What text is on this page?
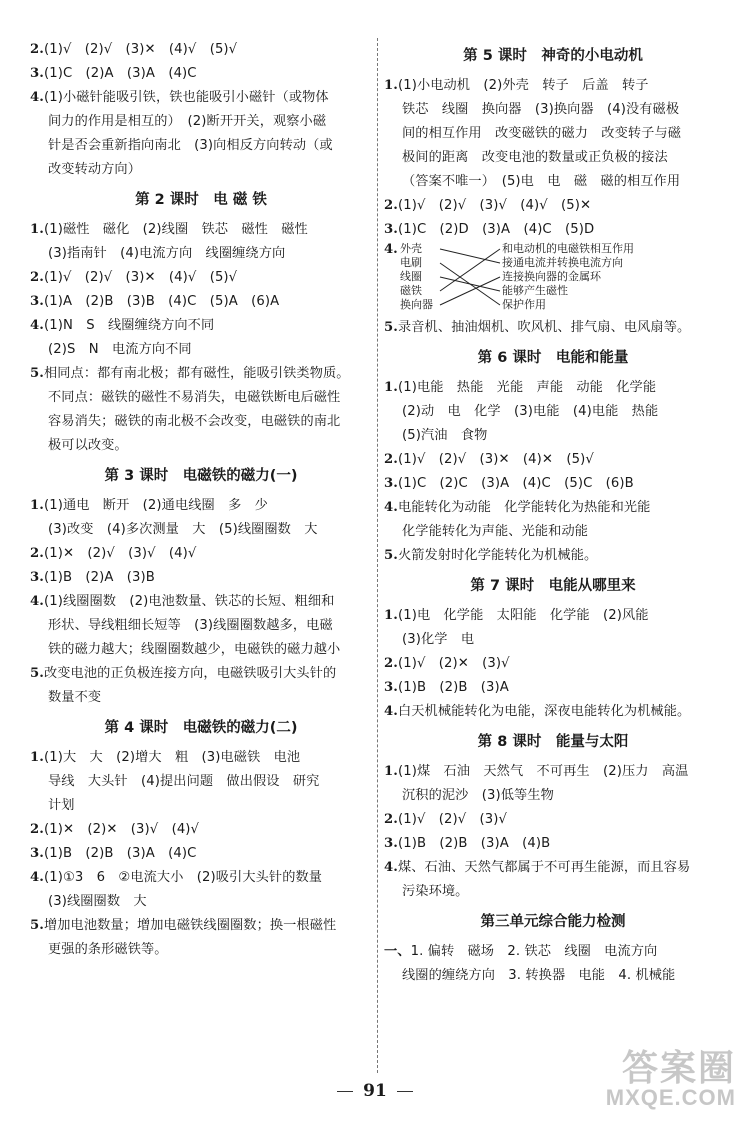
2.(1)√　(2)√　(3)✕　(4)√　(5)√
3.(1)C　(2)A　(3)A　(4)C
4.(1)小磁针能吸引铁，铁也能吸引小磁针（或物体
间力的作用是相互的）　(2)断开开关，观察小磁
针是否会重新指向南北　(3)向相反方向转动（或
改变转动方向）
第 2 课时　电 磁 铁
1.(1)磁性　磁化　(2)线圈　铁芯　磁性　磁性
(3)指南针　(4)电流方向　线圈缠绕方向
2.(1)√　(2)√　(3)✕　(4)√　(5)√
3.(1)A　(2)B　(3)B　(4)C　(5)A　(6)A
4.(1)N　S　线圈缠绕方向不同
(2)S　N　电流方向不同
5.相同点：都有南北极；都有磁性，能吸引铁类物质。
不同点：磁铁的磁性不易消失，电磁铁断电后磁性
容易消失；磁铁的南北极不会改变，电磁铁的南北
极可以改变。
第 3 课时　电磁铁的磁力(一)
1.(1)通电　断开　(2)通电线圈　多　少
(3)改变　(4)多次测量　大　(5)线圈圈数　大
2.(1)✕　(2)√　(3)√　(4)√
3.(1)B　(2)A　(3)B
4.(1)线圈圈数　(2)电池数量、铁芯的长短、粗细和
形状、导线粗细长短等　(3)线圈圈数越多，电磁
铁的磁力越大；线圈圈数越少，电磁铁的磁力越小
5.改变电池的正负极连接方向，电磁铁吸引大头针的
数量不变
第 4 课时　电磁铁的磁力(二)
1.(1)大　大　(2)增大　粗　(3)电磁铁　电池
导线　大头针　(4)提出问题　做出假设　研究
计划
2.(1)✕　(2)✕　(3)√　(4)√
3.(1)B　(2)B　(3)A　(4)C
4.(1)①3　6　②电流大小　(2)吸引大头针的数量
(3)线圈圈数　大
5.增加电池数量；增加电磁铁线圈圈数；换一根磁性
更强的条形磁铁等。
第 5 课时　神奇的小电动机
1.(1)小电动机　(2)外壳　转子　后盖　转子
铁芯　线圈　换向器　(3)换向器　(4)没有磁极
间的相互作用　改变磁铁的磁力　改变转子与磁
极间的距离　改变电池的数量或正负极的接法
（答案不唯一）　(5)电　电　磁　磁的相互作用
2.(1)√　(2)√　(3)√　(4)√　(5)✕
3.(1)C　(2)D　(3)A　(4)C　(5)D
4. 外壳
电刷
线圈
磁铁
换向器
和电动机的电磁铁相互作用
接通电流并转换电流方向
连接换向器的金属环
能够产生磁性
保护作用
5.录音机、抽油烟机、吹风机、排气扇、电风扇等。
第 6 课时　电能和能量
1.(1)电能　热能　光能　声能　动能　化学能
(2)动　电　化学　(3)电能　(4)电能　热能
(5)汽油　食物
2.(1)√　(2)√　(3)✕　(4)✕　(5)√
3.(1)C　(2)C　(3)A　(4)C　(5)C　(6)B
4.电能转化为动能　化学能转化为热能和光能
化学能转化为声能、光能和动能
5.火箭发射时化学能转化为机械能。
第 7 课时　电能从哪里来
1.(1)电　化学能　太阳能　化学能　(2)风能
(3)化学　电
2.(1)√　(2)✕　(3)√
3.(1)B　(2)B　(3)A
4.白天机械能转化为电能，深夜电能转化为机械能。
第 8 课时　能量与太阳
1.(1)煤　石油　天然气　不可再生　(2)压力　高温
沉积的泥沙　(3)低等生物
2.(1)√　(2)√　(3)√
3.(1)B　(2)B　(3)A　(4)B
4.煤、石油、天然气都属于不可再生能源，而且容易
污染环境。
第三单元综合能力检测
一、1. 偏转　磁场　2. 铁芯　线圈　电流方向
线圈的缠绕方向　3. 转换器　电能　4. 机械能
91
答案圈
MXQE.COM
